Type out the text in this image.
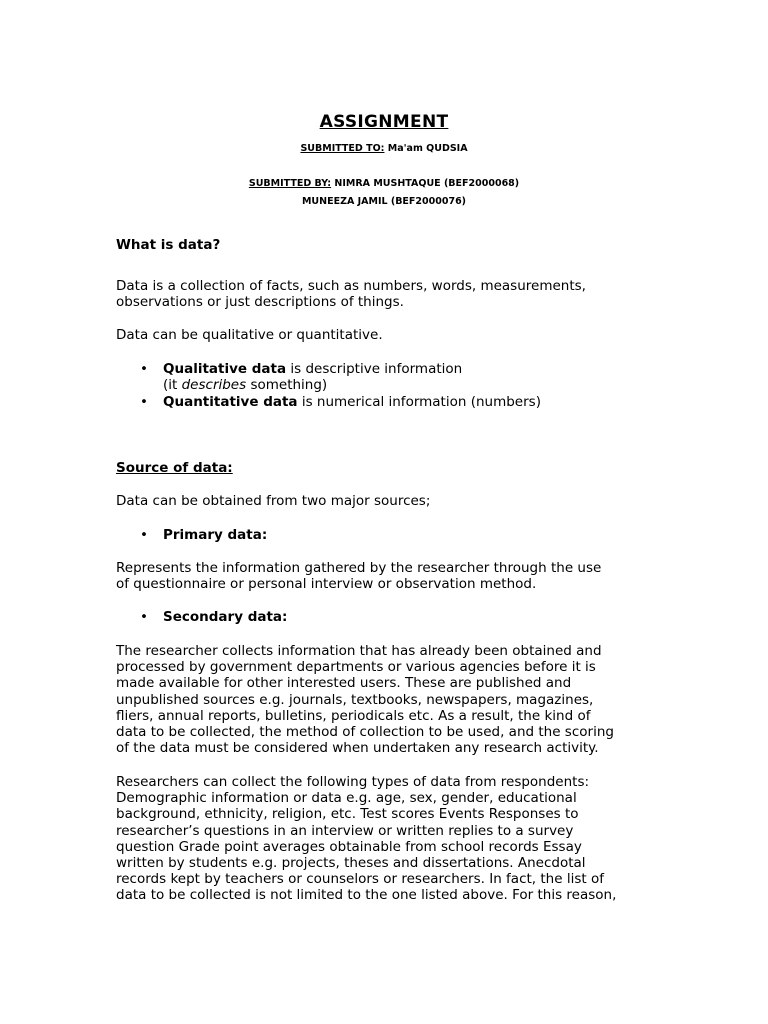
ASSIGNMENT
SUBMITTED TO: Ma'am QUDSIA
SUBMITTED BY: NIMRA MUSHTAQUE (BEF2000068)
MUNEEZA JAMIL (BEF2000076)
What is data?
Data is a collection of facts, such as numbers, words, measurements,
observations or just descriptions of things.
Data can be qualitative or quantitative.
• Qualitative data is descriptive information
(it describes something)
• Quantitative data is numerical information (numbers)
Source of data:
Data can be obtained from two major sources;
• Primary data:
Represents the information gathered by the researcher through the use
of questionnaire or personal interview or observation method.
• Secondary data:
The researcher collects information that has already been obtained and
processed by government departments or various agencies before it is
made available for other interested users. These are published and
unpublished sources e.g. journals, textbooks, newspapers, magazines,
fliers, annual reports, bulletins, periodicals etc. As a result, the kind of
data to be collected, the method of collection to be used, and the scoring
of the data must be considered when undertaken any research activity.
Researchers can collect the following types of data from respondents:
Demographic information or data e.g. age, sex, gender, educational
background, ethnicity, religion, etc. Test scores Events Responses to
researcher’s questions in an interview or written replies to a survey
question Grade point averages obtainable from school records Essay
written by students e.g. projects, theses and dissertations. Anecdotal
records kept by teachers or counselors or researchers. In fact, the list of
data to be collected is not limited to the one listed above. For this reason,
